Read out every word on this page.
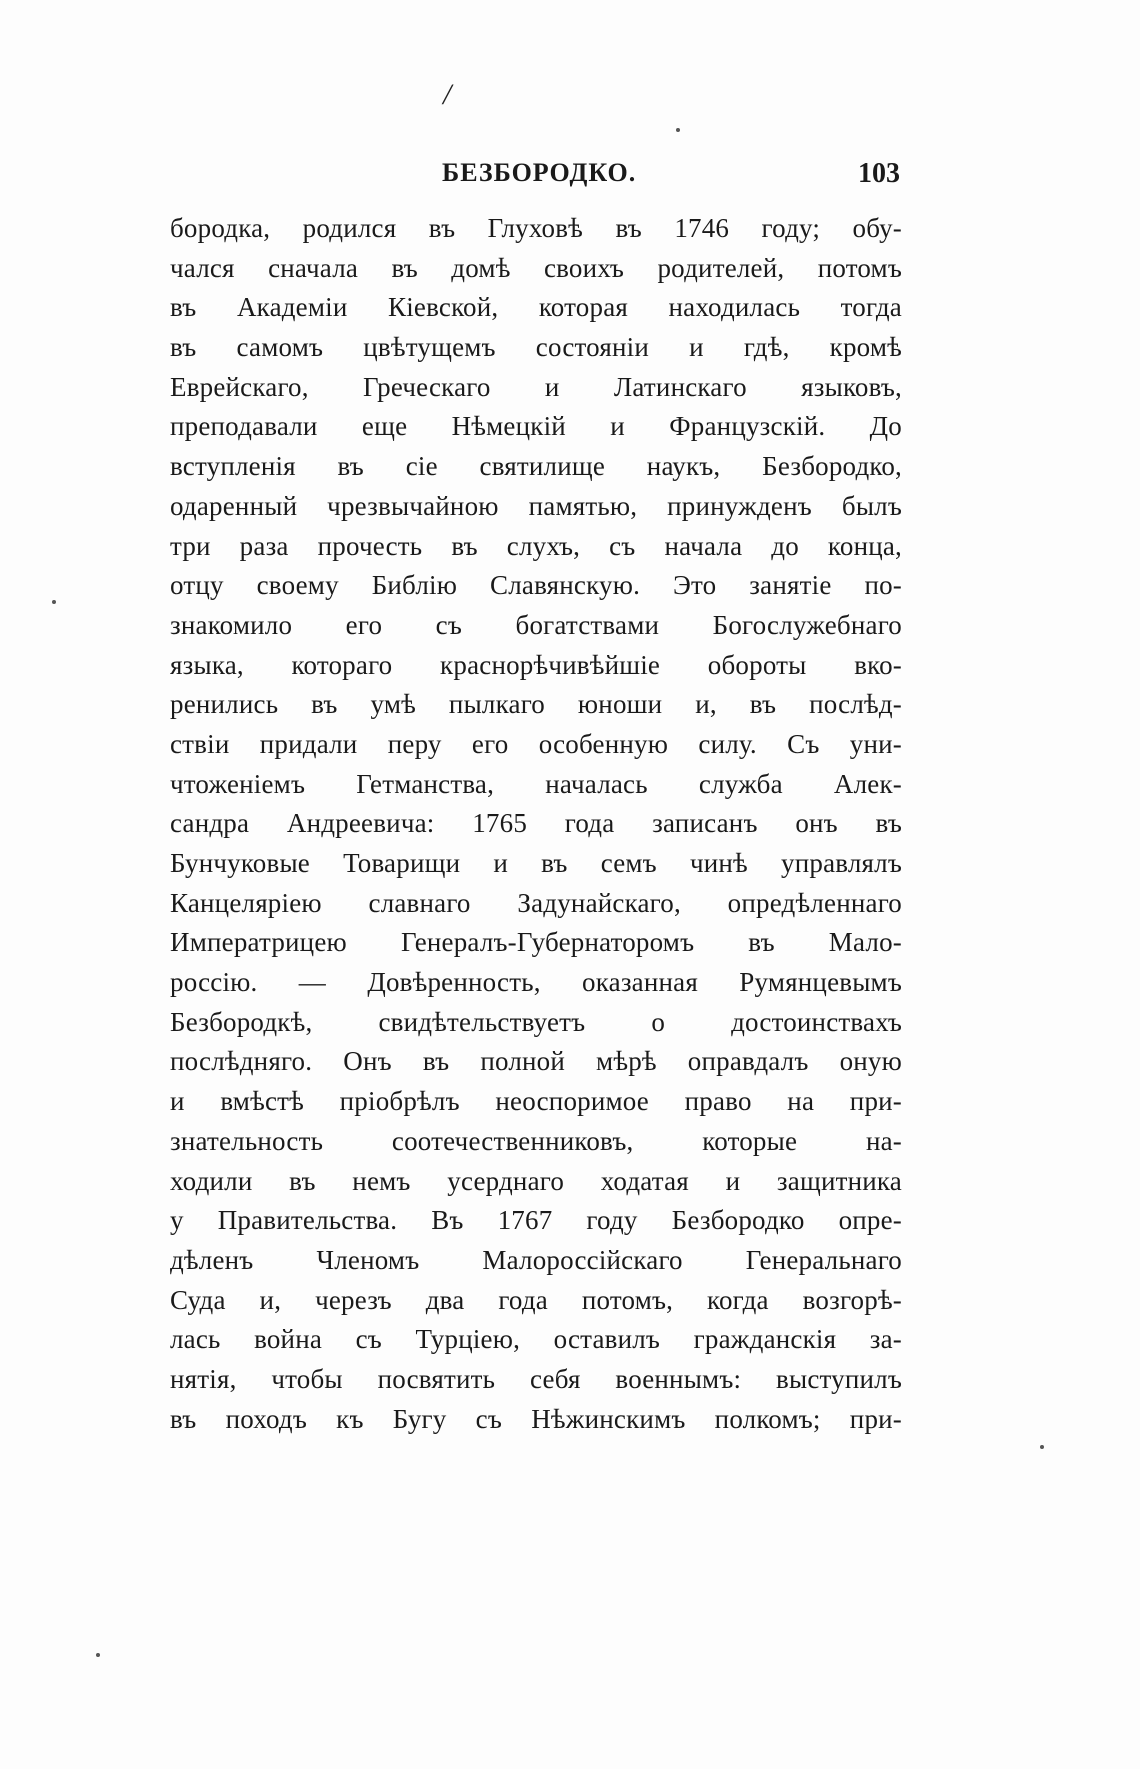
/
БЕЗБОРОДКО.	103
бородка, родился въ Глуховѣ въ 1746 году; обу-
чался сначала въ домѣ своихъ родителей, потомъ
въ Академіи Кіевской, которая находилась тогда
въ самомъ цвѣтущемъ состояніи и гдѣ, кромѣ
Еврейскаго, Греческаго и Латинскаго языковъ,
преподавали еще Нѣмецкій и Французскій. До
вступленія въ сіе святилище наукъ, Безбородко,
одаренный чрезвычайною памятью, принужденъ былъ
три раза прочесть въ слухъ, съ начала до конца,
отцу своему Библію Славянскую. Это занятіе по-
знакомило его съ богатствами Богослужебнаго
языка, котораго краснорѣчивѣйшіе обороты вко-
ренились въ умѣ пылкаго юноши и, въ послѣд-
ствіи придали перу его особенную силу. Съ уни-
чтоженіемъ Гетманства, началась служба Алек-
сандра Андреевича: 1765 года записанъ онъ въ
Бунчуковые Товарищи и въ семъ чинѣ управлялъ
Канцеляріею славнаго Задунайскаго, опредѣленнаго
Императрицею Генералъ-Губернаторомъ въ Мало-
россію. — Довѣренность, оказанная Румянцевымъ
Безбородкѣ, свидѣтельствуетъ о достоинствахъ
послѣдняго. Онъ въ полной мѣрѣ оправдалъ оную
и вмѣстѣ пріобрѣлъ неоспоримое право на при-
знательность соотечественниковъ, которые на-
ходили въ немъ усерднаго ходатая и защитника
у Правительства. Въ 1767 году Безбородко опре-
дѣленъ Членомъ Малороссійскаго Генеральнаго
Суда и, черезъ два года потомъ, когда возгорѣ-
лась война съ Турціею, оставилъ гражданскія за-
нятія, чтобы посвятить себя военнымъ: выступилъ
въ походъ къ Бугу съ Нѣжинскимъ полкомъ; при-
